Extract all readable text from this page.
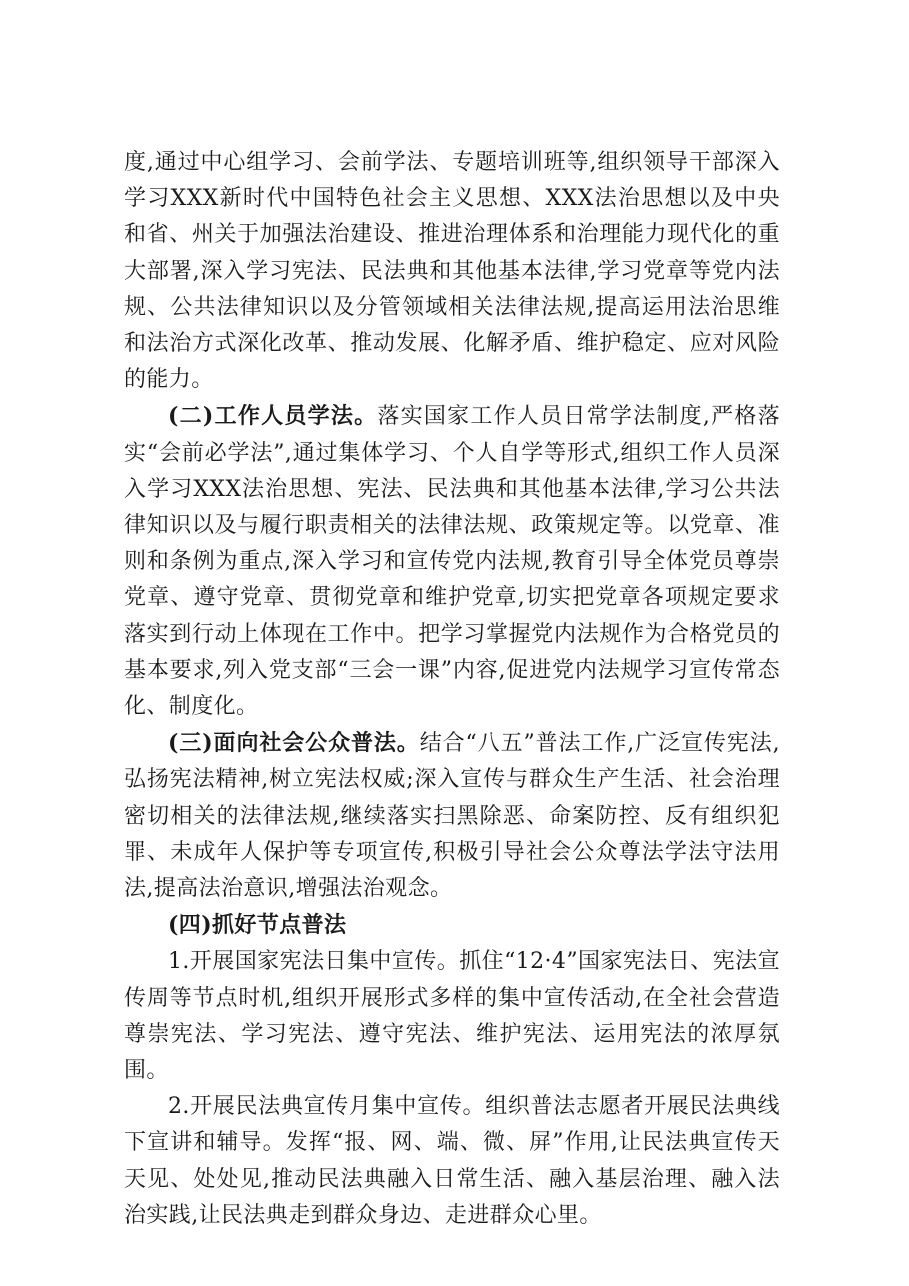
度,通过中心组学习、会前学法、专题培训班等,组织领导干部深入学习XXX新时代中国特色社会主义思想、XXX法治思想以及中央和省、州关于加强法治建设、推进治理体系和治理能力现代化的重大部署,深入学习宪法、民法典和其他基本法律,学习党章等党内法规、公共法律知识以及分管领域相关法律法规,提高运用法治思维和法治方式深化改革、推动发展、化解矛盾、维护稳定、应对风险的能力。

(二)工作人员学法。落实国家工作人员日常学法制度,严格落实“会前必学法”,通过集体学习、个人自学等形式,组织工作人员深入学习XXX法治思想、宪法、民法典和其他基本法律,学习公共法律知识以及与履行职责相关的法律法规、政策规定等。以党章、准则和条例为重点,深入学习和宣传党内法规,教育引导全体党员尊崇党章、遵守党章、贯彻党章和维护党章,切实把党章各项规定要求落实到行动上体现在工作中。把学习掌握党内法规作为合格党员的基本要求,列入党支部“三会一课”内容,促进党内法规学习宣传常态化、制度化。

(三)面向社会公众普法。结合“八五”普法工作,广泛宣传宪法,弘扬宪法精神,树立宪法权威;深入宣传与群众生产生活、社会治理密切相关的法律法规,继续落实扫黑除恶、命案防控、反有组织犯罪、未成年人保护等专项宣传,积极引导社会公众尊法学法守法用法,提高法治意识,增强法治观念。

(四)抓好节点普法

1.开展国家宪法日集中宣传。抓住“12·4”国家宪法日、宪法宣传周等节点时机,组织开展形式多样的集中宣传活动,在全社会营造尊崇宪法、学习宪法、遵守宪法、维护宪法、运用宪法的浓厚氛围。

2.开展民法典宣传月集中宣传。组织普法志愿者开展民法典线下宣讲和辅导。发挥“报、网、端、微、屏”作用,让民法典宣传天天见、处处见,推动民法典融入日常生活、融入基层治理、融入法治实践,让民法典走到群众身边、走进群众心里。
